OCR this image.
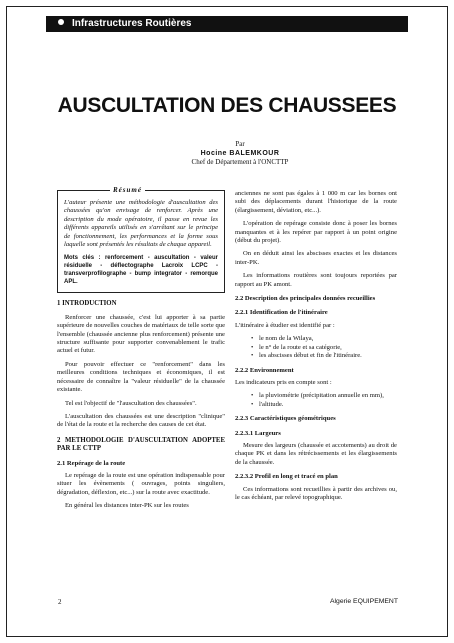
Infrastructures Routières
AUSCULTATION DES CHAUSSEES
Par
Hocine BALEMKOUR
Chef de Département à l'ONCTTP
Résumé
L'auteur présente une méthodologie d'auscultation des chaussées qu'on envisage de renforcer. Après une description du mode opératoire, il passe en revue les différents appareils utilisés en s'arrêtant sur le principe de fonctionnement, les performances et la forme sous laquelle sont présentés les résultats de chaque appareil.
Mots clés : renforcement - auscultation - valeur résiduelle - déflectographe Lacroix LCPC - transverprofilographe - bump integrator - remorque APL.
1 INTRODUCTION

Renforcer une chaussée, c'est lui apporter à sa partie supérieure de nouvelles couches de matériaux de telle sorte que l'ensemble (chaussée ancienne plus renforcement) présente une structure suffisante pour supporter convenablement le trafic actuel et futur.

Pour pouvoir effectuer ce "renforcement" dans les meilleures conditions techniques et économiques, il est nécessaire de connaître la "valeur résiduelle" de la chaussée existante.

Tel est l'objectif de "l'auscultation des chaussées".

L'auscultation des chaussées est une description "clinique" de l'état de la route et la recherche des causes de cet état.

2 METHODOLOGIE D'AUSCULTATION ADOPTEE PAR LE CTTP
2.1 Repérage de la route

Le repérage de la route est une opération indispensable pour situer les évènements ( ouvrages, points singuliers, dégradation, déflexion, etc...) sur la route avec exactitude.

En général les distances inter-PK sur les routes

anciennes ne sont pas égales à 1 000 m car les bornes ont subi des déplacements durant l'historique de la route (élargissement, déviation, etc...).

L'opération de repérage consiste donc à poser les bornes manquantes et à les repérer par rapport à un point origine (début du projet).

On en déduit ainsi les abscisses exactes et les distances inter-PK.

Les informations routières sont toujours reportées par rapport au PK amont.

2.2 Description des principales données recueillies
2.2.1 Identification de l'itinéraire

L'itinéraire à étudier est identifié par :

• le nom de la Wilaya,
• le n° de la route et sa catégorie,
• les abscisses début et fin de l'itinéraire.
2.2.2 Environnement

Les indicateurs pris en compte sont :

• la pluviométrie (précipitation annuelle en mm),
• l'altitude.
2.2.3 Caractéristiques géométriques
2.2.3.1 Largeurs

Mesure des largeurs (chaussée et accotements) au droit de chaque PK et dans les rétrécissements et les élargissements de la chaussée.

2.2.3.2 Profil en long et tracé en plan

Ces informations sont recueillies à partir des archives ou, le cas échéant, par relevé topographique.

2	Algerie EQUIPEMENT
